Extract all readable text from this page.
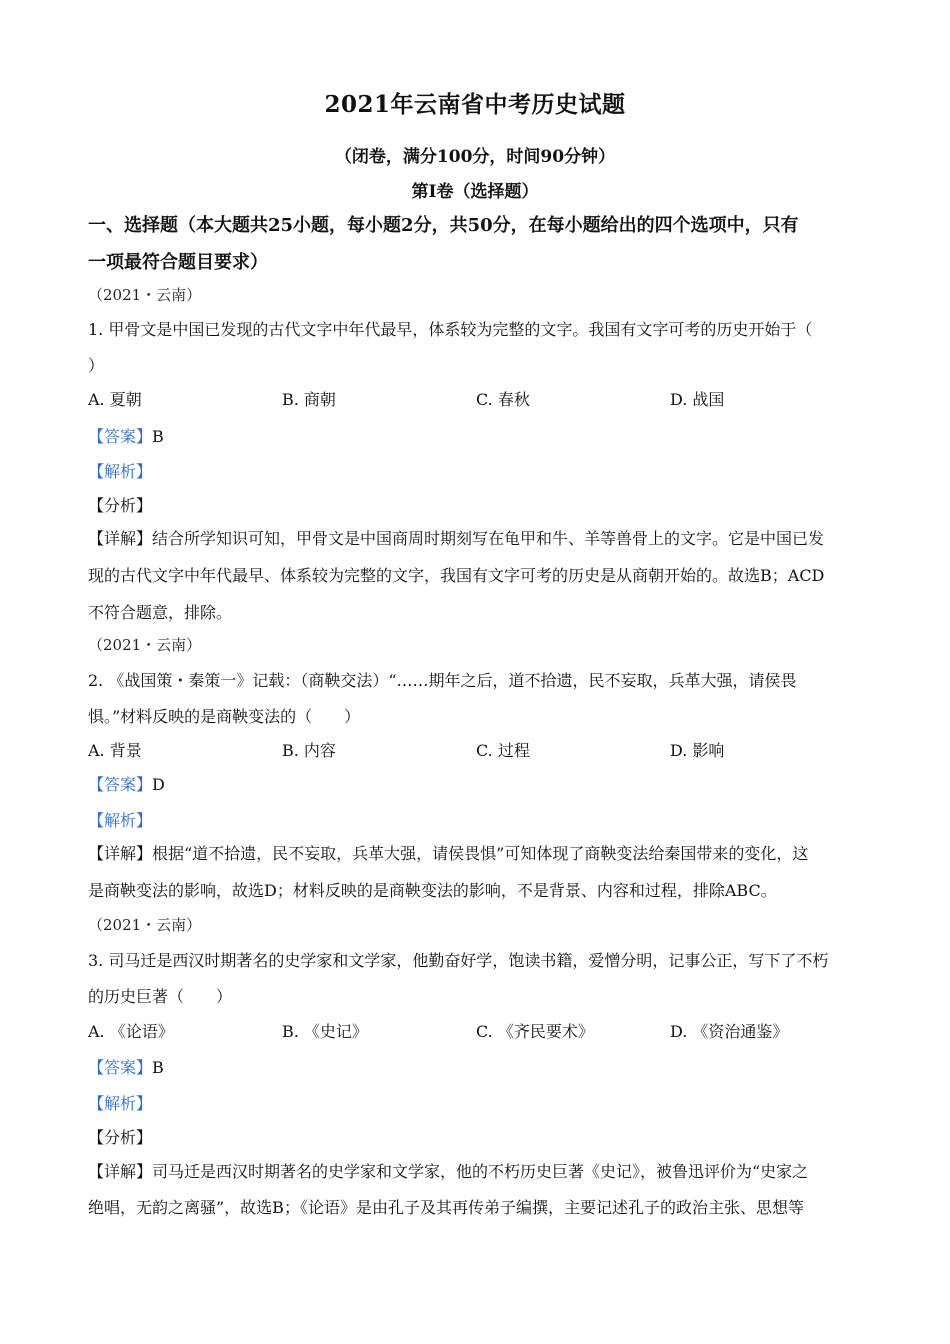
2021年云南省中考历史试题
（闭卷，满分100分，时间90分钟）
第Ⅰ卷（选择题）
一、选择题（本大题共25小题，每小题2分，共50分，在每小题给出的四个选项中，只有
一项最符合题目要求）
（2021・云南）
1. 甲骨文是中国已发现的古代文字中年代最早，体系较为完整的文字。我国有文字可考的历史开始于（
）
A. 夏朝	B. 商朝	C. 春秋	D. 战国
【答案】B
【解析】
【分析】
【详解】结合所学知识可知，甲骨文是中国商周时期刻写在龟甲和牛、羊等兽骨上的文字。它是中国已发
现的古代文字中年代最早、体系较为完整的文字，我国有文字可考的历史是从商朝开始的。故选B；ACD
不符合题意，排除。
（2021・云南）
2. 《战国策・秦策一》记载：（商鞅交法）“……期年之后，道不拾遗，民不妄取，兵革大强，请侯畏
惧。”材料反映的是商鞅变法的（　　）
A. 背景	B. 内容	C. 过程	D. 影响
【答案】D
【解析】
【详解】根据“道不拾遗，民不妄取，兵革大强，请侯畏惧”可知体现了商鞅变法给秦国带来的变化，这
是商鞅变法的影响，故选D；材料反映的是商鞅变法的影响，不是背景、内容和过程，排除ABC。
（2021・云南）
3. 司马迁是西汉时期著名的史学家和文学家，他勤奋好学，饱读书籍，爱憎分明，记事公正，写下了不朽
的历史巨著（　　）
A. 《论语》	B. 《史记》	C. 《齐民要术》	D. 《资治通鉴》
【答案】B
【解析】
【分析】
【详解】司马迁是西汉时期著名的史学家和文学家，他的不朽历史巨著《史记》，被鲁迅评价为“史家之
绝唱，无韵之离骚”，故选B；《论语》是由孔子及其再传弟子编撰，主要记述孔子的政治主张、思想等
